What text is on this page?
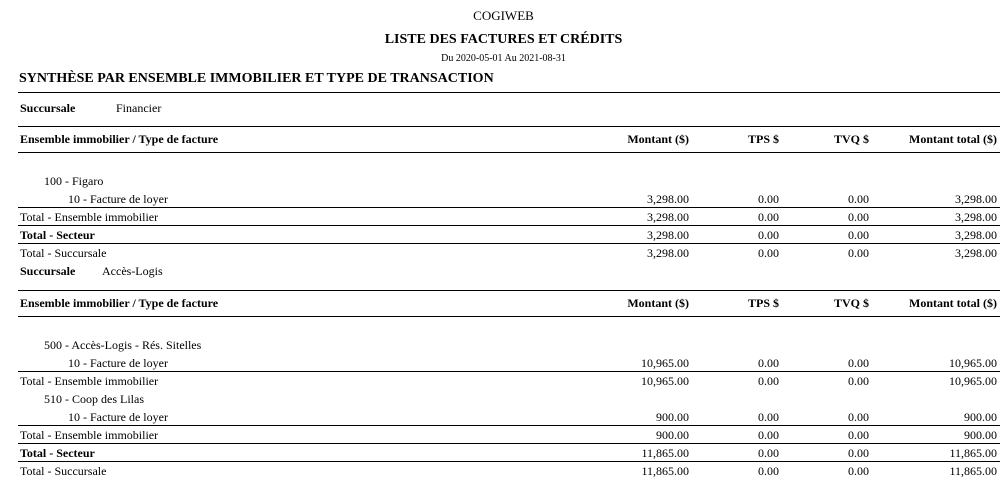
COGIWEB
LISTE DES FACTURES ET CRÉDITS
Du 2020-05-01 Au 2021-08-31
SYNTHÈSE PAR ENSEMBLE IMMOBILIER ET TYPE DE TRANSACTION
Succursale	Financier
Ensemble immobilier / Type de facture	Montant ($)	TPS $	TVQ $	Montant total ($)
100 - Figaro
10 - Facture de loyer	3,298.00	0.00	0.00	3,298.00
Total - Ensemble immobilier	3,298.00	0.00	0.00	3,298.00
Total - Secteur	3,298.00	0.00	0.00	3,298.00
Total - Succursale	3,298.00	0.00	0.00	3,298.00
Succursale Accès-Logis
Ensemble immobilier / Type de facture	Montant ($)	TPS $	TVQ $	Montant total ($)
500 - Accès-Logis - Rés. Sitelles
10 - Facture de loyer	10,965.00	0.00	0.00	10,965.00
Total - Ensemble immobilier	10,965.00	0.00	0.00	10,965.00
510 - Coop des Lilas
10 - Facture de loyer	900.00	0.00	0.00	900.00
Total - Ensemble immobilier	900.00	0.00	0.00	900.00
Total - Secteur	11,865.00	0.00	0.00	11,865.00
Total - Succursale	11,865.00	0.00	0.00	11,865.00
